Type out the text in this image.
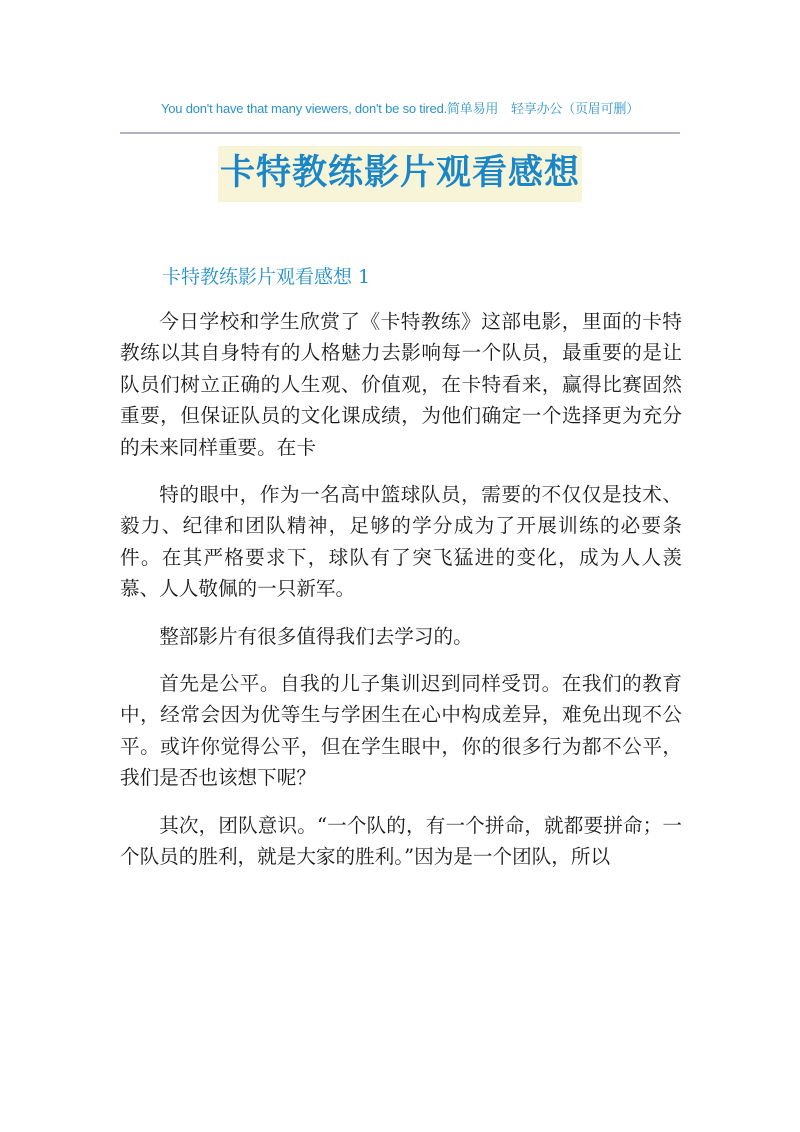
You don't have that many viewers, don't be so tired.简单易用　轻享办公（页眉可删）
卡特教练影片观看感想
卡特教练影片观看感想 1

今日学校和学生欣赏了《卡特教练》这部电影，里面的卡特教练以其自身特有的人格魅力去影响每一个队员，最重要的是让队员们树立正确的人生观、价值观，在卡特看来，赢得比赛固然重要，但保证队员的文化课成绩，为他们确定一个选择更为充分的未来同样重要。在卡

特的眼中，作为一名高中篮球队员，需要的不仅仅是技术、毅力、纪律和团队精神，足够的学分成为了开展训练的必要条件。在其严格要求下，球队有了突飞猛进的变化，成为人人羡慕、人人敬佩的一只新军。

整部影片有很多值得我们去学习的。

首先是公平。自我的儿子集训迟到同样受罚。在我们的教育中，经常会因为优等生与学困生在心中构成差异，难免出现不公平。或许你觉得公平，但在学生眼中，你的很多行为都不公平，我们是否也该想下呢？

其次，团队意识。“一个队的，有一个拼命，就都要拼命；一个队员的胜利，就是大家的胜利。”因为是一个团队，所以
